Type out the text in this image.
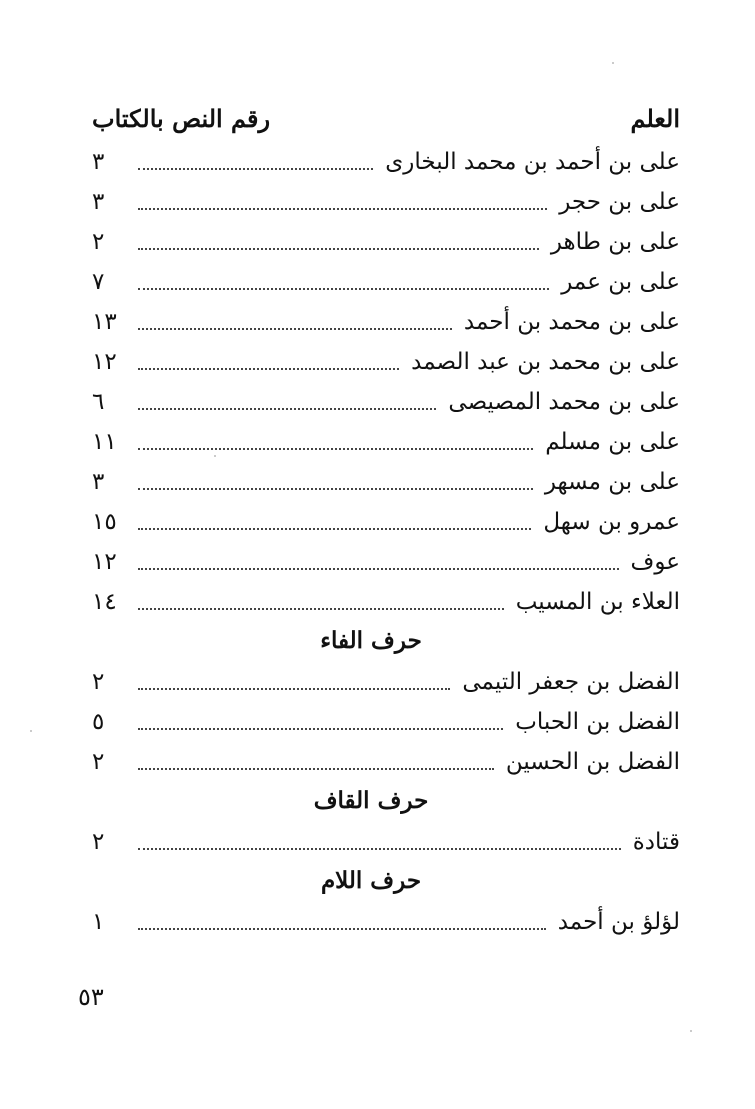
العلم
رقم النص بالكتاب
على بن أحمد بن محمد البخارى
٣
على بن حجر
٣
على بن طاهر
٢
على بن عمر
٧
على بن محمد بن أحمد
١٣
على بن محمد بن عبد الصمد
١٢
على بن محمد المصيصى
٦
على بن مسلم
١١
على بن مسهر
٣
عمرو بن سهل
١٥
عوف
١٢
العلاء بن المسيب
١٤
حرف الفاء
الفضل بن جعفر التيمى
٢
الفضل بن الحباب
٥
الفضل بن الحسين
٢
حرف القاف
قتادة
٢
حرف اللام
لؤلؤ بن أحمد
١
٥٣
